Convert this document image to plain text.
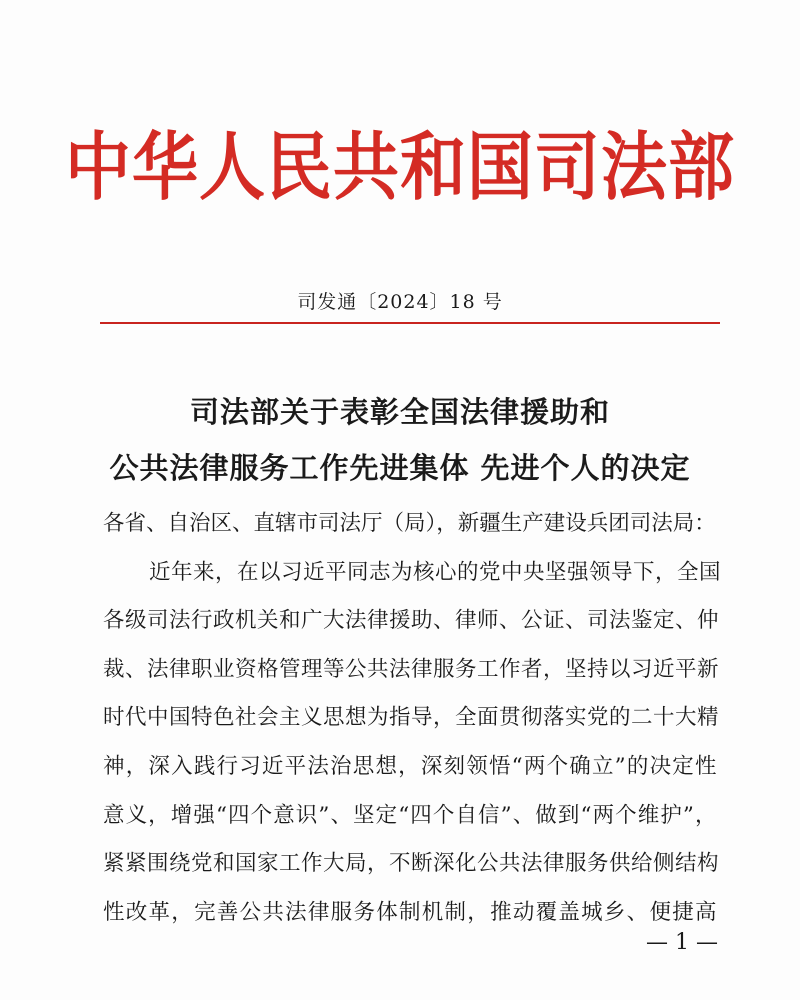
中华人民共和国司法部
司发通〔2024〕18 号
司法部关于表彰全国法律援助和
公共法律服务工作先进集体 先进个人的决定
各省、自治区、直辖市司法厅（局），新疆生产建设兵团司法局：
近年来，在以习近平同志为核心的党中央坚强领导下，全国
各级司法行政机关和广大法律援助、律师、公证、司法鉴定、仲
裁、法律职业资格管理等公共法律服务工作者，坚持以习近平新
时代中国特色社会主义思想为指导，全面贯彻落实党的二十大精
神，深入践行习近平法治思想，深刻领悟“两个确立”的决定性
意义，增强“四个意识”、坚定“四个自信”、做到“两个维护”，
紧紧围绕党和国家工作大局，不断深化公共法律服务供给侧结构
性改革，完善公共法律服务体制机制，推动覆盖城乡、便捷高
— 1 —
